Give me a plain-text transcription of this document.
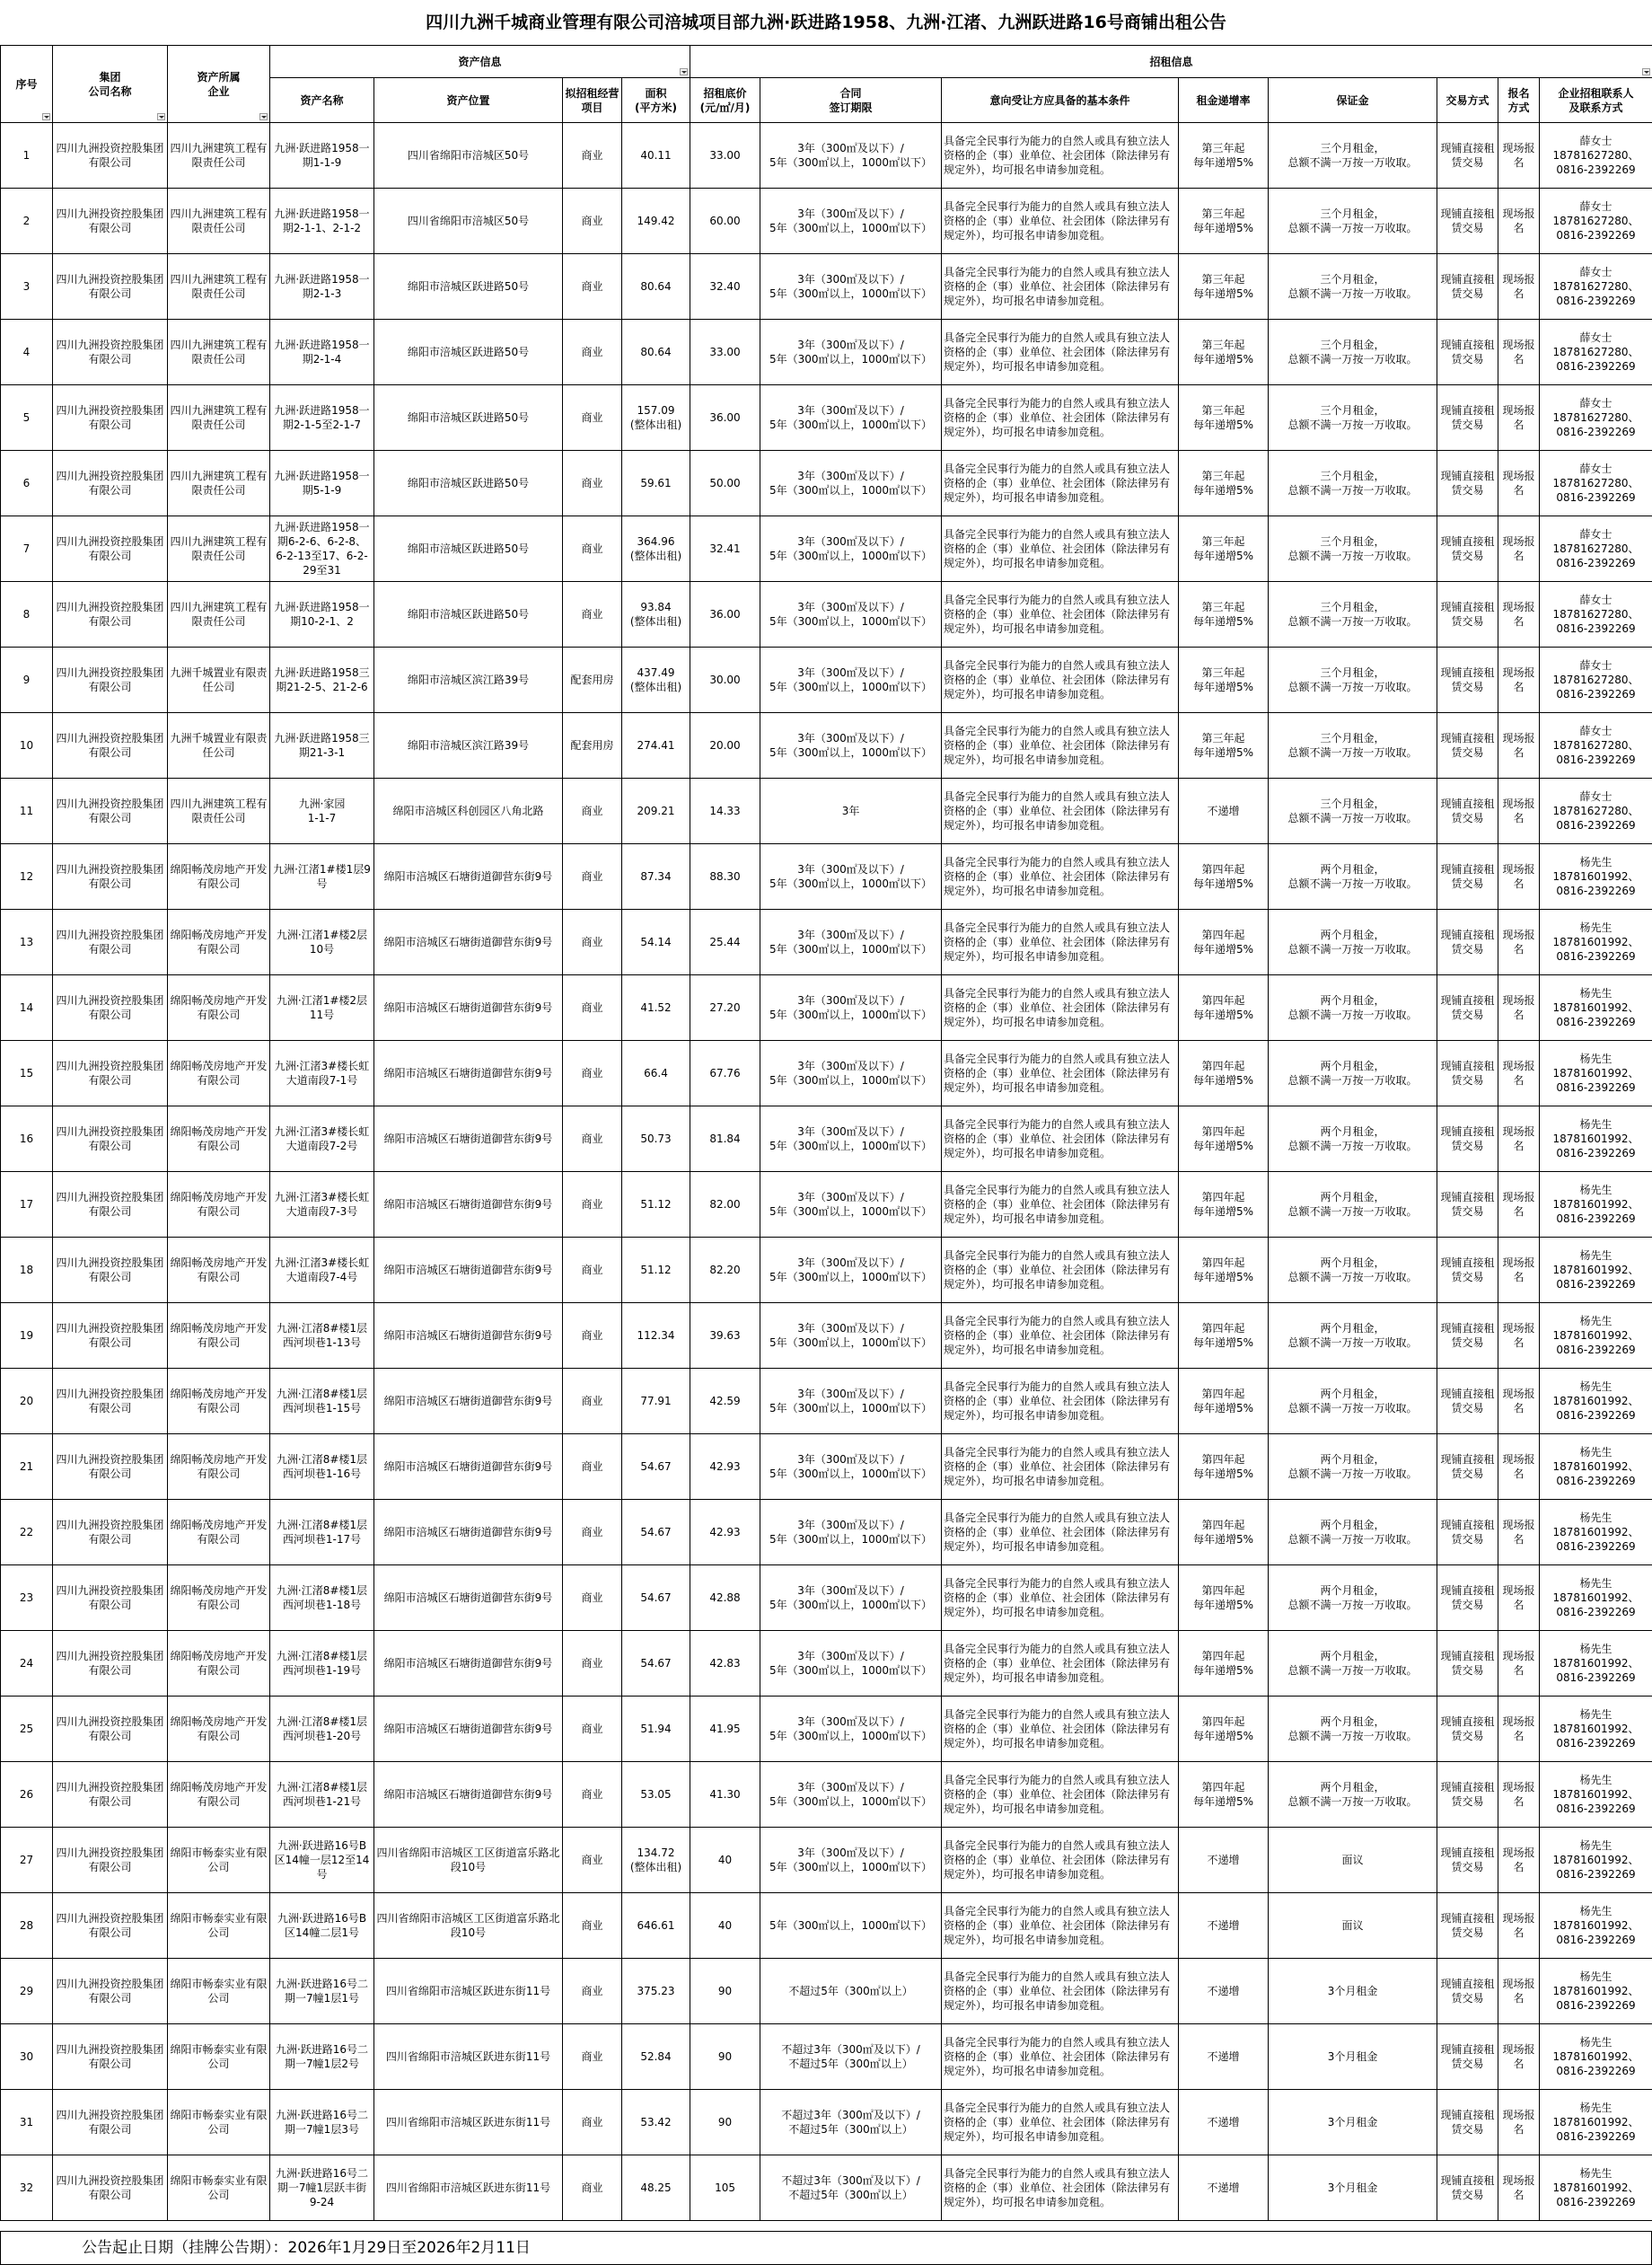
四川九洲千城商业管理有限公司涪城项目部九洲·跃进路1958、九洲·江渚、九洲跃进路16号商铺出租公告
序号	集团
公司名称	资产所属
企业	资产信息				招租信息							

			资产名称	资产位置	拟招租经营项目	面积
(平方米)	招租底价
(元/㎡/月)	合同
签订期限	意向受让方应具备的基本条件	租金递增率	保证金	交易方式	报名
方式	企业招租联系人
及联系方式
1	四川九洲投资控股集团有限公司	四川九洲建筑工程有限责任公司	九洲·跃进路1958一期1-1-9	四川省绵阳市涪城区50号	商业	40.11	33.00	3年（300㎡及以下）/
5年（300㎡以上，1000㎡以下）	具备完全民事行为能力的自然人或具有独立法人资格的企（事）业单位、社会团体（除法律另有规定外），均可报名申请参加竞租。	第三年起
每年递增5%	三个月租金，
总额不满一万按一万收取。	现铺直接租赁交易	现场报名	薛女士
18781627280、
0816-2392269
2	四川九洲投资控股集团有限公司	四川九洲建筑工程有限责任公司	九洲·跃进路1958一期2-1-1、2-1-2	四川省绵阳市涪城区50号	商业	149.42	60.00	3年（300㎡及以下）/
5年（300㎡以上，1000㎡以下）	具备完全民事行为能力的自然人或具有独立法人资格的企（事）业单位、社会团体（除法律另有规定外），均可报名申请参加竞租。	第三年起
每年递增5%	三个月租金，
总额不满一万按一万收取。	现铺直接租赁交易	现场报名	薛女士
18781627280、
0816-2392269
3	四川九洲投资控股集团有限公司	四川九洲建筑工程有限责任公司	九洲·跃进路1958一期2-1-3	绵阳市涪城区跃进路50号	商业	80.64	32.40	3年（300㎡及以下）/
5年（300㎡以上，1000㎡以下）	具备完全民事行为能力的自然人或具有独立法人资格的企（事）业单位、社会团体（除法律另有规定外），均可报名申请参加竞租。	第三年起
每年递增5%	三个月租金，
总额不满一万按一万收取。	现铺直接租赁交易	现场报名	薛女士
18781627280、
0816-2392269
4	四川九洲投资控股集团有限公司	四川九洲建筑工程有限责任公司	九洲·跃进路1958一期2-1-4	绵阳市涪城区跃进路50号	商业	80.64	33.00	3年（300㎡及以下）/
5年（300㎡以上，1000㎡以下）	具备完全民事行为能力的自然人或具有独立法人资格的企（事）业单位、社会团体（除法律另有规定外），均可报名申请参加竞租。	第三年起
每年递增5%	三个月租金，
总额不满一万按一万收取。	现铺直接租赁交易	现场报名	薛女士
18781627280、
0816-2392269
5	四川九洲投资控股集团有限公司	四川九洲建筑工程有限责任公司	九洲·跃进路1958一期2-1-5至2-1-7	绵阳市涪城区跃进路50号	商业	157.09
(整体出租)	36.00	3年（300㎡及以下）/
5年（300㎡以上，1000㎡以下）	具备完全民事行为能力的自然人或具有独立法人资格的企（事）业单位、社会团体（除法律另有规定外），均可报名申请参加竞租。	第三年起
每年递增5%	三个月租金，
总额不满一万按一万收取。	现铺直接租赁交易	现场报名	薛女士
18781627280、
0816-2392269
6	四川九洲投资控股集团有限公司	四川九洲建筑工程有限责任公司	九洲·跃进路1958一期5-1-9	绵阳市涪城区跃进路50号	商业	59.61	50.00	3年（300㎡及以下）/
5年（300㎡以上，1000㎡以下）	具备完全民事行为能力的自然人或具有独立法人资格的企（事）业单位、社会团体（除法律另有规定外），均可报名申请参加竞租。	第三年起
每年递增5%	三个月租金，
总额不满一万按一万收取。	现铺直接租赁交易	现场报名	薛女士
18781627280、
0816-2392269
7	四川九洲投资控股集团有限公司	四川九洲建筑工程有限责任公司	九洲·跃进路1958一期6-2-6、6-2-8、6-2-13至17、6-2-29至31	绵阳市涪城区跃进路50号	商业	364.96
(整体出租)	32.41	3年（300㎡及以下）/
5年（300㎡以上，1000㎡以下）	具备完全民事行为能力的自然人或具有独立法人资格的企（事）业单位、社会团体（除法律另有规定外），均可报名申请参加竞租。	第三年起
每年递增5%	三个月租金，
总额不满一万按一万收取。	现铺直接租赁交易	现场报名	薛女士
18781627280、
0816-2392269
8	四川九洲投资控股集团有限公司	四川九洲建筑工程有限责任公司	九洲·跃进路1958一期10-2-1、2	绵阳市涪城区跃进路50号	商业	93.84
(整体出租)	36.00	3年（300㎡及以下）/
5年（300㎡以上，1000㎡以下）	具备完全民事行为能力的自然人或具有独立法人资格的企（事）业单位、社会团体（除法律另有规定外），均可报名申请参加竞租。	第三年起
每年递增5%	三个月租金，
总额不满一万按一万收取。	现铺直接租赁交易	现场报名	薛女士
18781627280、
0816-2392269
9	四川九洲投资控股集团有限公司	九洲千城置业有限责任公司	九洲·跃进路1958三期21-2-5、21-2-6	绵阳市涪城区滨江路39号	配套用房	437.49
(整体出租)	30.00	3年（300㎡及以下）/
5年（300㎡以上，1000㎡以下）	具备完全民事行为能力的自然人或具有独立法人资格的企（事）业单位、社会团体（除法律另有规定外），均可报名申请参加竞租。	第三年起
每年递增5%	三个月租金，
总额不满一万按一万收取。	现铺直接租赁交易	现场报名	薛女士
18781627280、
0816-2392269
10	四川九洲投资控股集团有限公司	九洲千城置业有限责任公司	九洲·跃进路1958三期21-3-1	绵阳市涪城区滨江路39号	配套用房	274.41	20.00	3年（300㎡及以下）/
5年（300㎡以上，1000㎡以下）	具备完全民事行为能力的自然人或具有独立法人资格的企（事）业单位、社会团体（除法律另有规定外），均可报名申请参加竞租。	第三年起
每年递增5%	三个月租金，
总额不满一万按一万收取。	现铺直接租赁交易	现场报名	薛女士
18781627280、
0816-2392269
11	四川九洲投资控股集团有限公司	四川九洲建筑工程有限责任公司	九洲·家园
1-1-7	绵阳市涪城区科创园区八角北路	商业	209.21	14.33	3年	具备完全民事行为能力的自然人或具有独立法人资格的企（事）业单位、社会团体（除法律另有规定外），均可报名申请参加竞租。	不递增	三个月租金，
总额不满一万按一万收取。	现铺直接租赁交易	现场报名	薛女士
18781627280、
0816-2392269
12	四川九洲投资控股集团有限公司	绵阳畅茂房地产开发有限公司	九洲·江渚1#楼1层9号	绵阳市涪城区石塘街道御营东街9号	商业	87.34	88.30	3年（300㎡及以下）/
5年（300㎡以上，1000㎡以下）	具备完全民事行为能力的自然人或具有独立法人资格的企（事）业单位、社会团体（除法律另有规定外），均可报名申请参加竞租。	第四年起
每年递增5%	两个月租金，
总额不满一万按一万收取。	现铺直接租赁交易	现场报名	杨先生
18781601992、
0816-2392269
13	四川九洲投资控股集团有限公司	绵阳畅茂房地产开发有限公司	九洲·江渚1#楼2层10号	绵阳市涪城区石塘街道御营东街9号	商业	54.14	25.44	3年（300㎡及以下）/
5年（300㎡以上，1000㎡以下）	具备完全民事行为能力的自然人或具有独立法人资格的企（事）业单位、社会团体（除法律另有规定外），均可报名申请参加竞租。	第四年起
每年递增5%	两个月租金，
总额不满一万按一万收取。	现铺直接租赁交易	现场报名	杨先生
18781601992、
0816-2392269
14	四川九洲投资控股集团有限公司	绵阳畅茂房地产开发有限公司	九洲·江渚1#楼2层11号	绵阳市涪城区石塘街道御营东街9号	商业	41.52	27.20	3年（300㎡及以下）/
5年（300㎡以上，1000㎡以下）	具备完全民事行为能力的自然人或具有独立法人资格的企（事）业单位、社会团体（除法律另有规定外），均可报名申请参加竞租。	第四年起
每年递增5%	两个月租金，
总额不满一万按一万收取。	现铺直接租赁交易	现场报名	杨先生
18781601992、
0816-2392269
15	四川九洲投资控股集团有限公司	绵阳畅茂房地产开发有限公司	九洲·江渚3#楼长虹大道南段7-1号	绵阳市涪城区石塘街道御营东街9号	商业	66.4	67.76	3年（300㎡及以下）/
5年（300㎡以上，1000㎡以下）	具备完全民事行为能力的自然人或具有独立法人资格的企（事）业单位、社会团体（除法律另有规定外），均可报名申请参加竞租。	第四年起
每年递增5%	两个月租金，
总额不满一万按一万收取。	现铺直接租赁交易	现场报名	杨先生
18781601992、
0816-2392269
16	四川九洲投资控股集团有限公司	绵阳畅茂房地产开发有限公司	九洲·江渚3#楼长虹大道南段7-2号	绵阳市涪城区石塘街道御营东街9号	商业	50.73	81.84	3年（300㎡及以下）/
5年（300㎡以上，1000㎡以下）	具备完全民事行为能力的自然人或具有独立法人资格的企（事）业单位、社会团体（除法律另有规定外），均可报名申请参加竞租。	第四年起
每年递增5%	两个月租金，
总额不满一万按一万收取。	现铺直接租赁交易	现场报名	杨先生
18781601992、
0816-2392269
17	四川九洲投资控股集团有限公司	绵阳畅茂房地产开发有限公司	九洲·江渚3#楼长虹大道南段7-3号	绵阳市涪城区石塘街道御营东街9号	商业	51.12	82.00	3年（300㎡及以下）/
5年（300㎡以上，1000㎡以下）	具备完全民事行为能力的自然人或具有独立法人资格的企（事）业单位、社会团体（除法律另有规定外），均可报名申请参加竞租。	第四年起
每年递增5%	两个月租金，
总额不满一万按一万收取。	现铺直接租赁交易	现场报名	杨先生
18781601992、
0816-2392269
18	四川九洲投资控股集团有限公司	绵阳畅茂房地产开发有限公司	九洲·江渚3#楼长虹大道南段7-4号	绵阳市涪城区石塘街道御营东街9号	商业	51.12	82.20	3年（300㎡及以下）/
5年（300㎡以上，1000㎡以下）	具备完全民事行为能力的自然人或具有独立法人资格的企（事）业单位、社会团体（除法律另有规定外），均可报名申请参加竞租。	第四年起
每年递增5%	两个月租金，
总额不满一万按一万收取。	现铺直接租赁交易	现场报名	杨先生
18781601992、
0816-2392269
19	四川九洲投资控股集团有限公司	绵阳畅茂房地产开发有限公司	九洲·江渚8#楼1层西河坝巷1-13号	绵阳市涪城区石塘街道御营东街9号	商业	112.34	39.63	3年（300㎡及以下）/
5年（300㎡以上，1000㎡以下）	具备完全民事行为能力的自然人或具有独立法人资格的企（事）业单位、社会团体（除法律另有规定外），均可报名申请参加竞租。	第四年起
每年递增5%	两个月租金，
总额不满一万按一万收取。	现铺直接租赁交易	现场报名	杨先生
18781601992、
0816-2392269
20	四川九洲投资控股集团有限公司	绵阳畅茂房地产开发有限公司	九洲·江渚8#楼1层西河坝巷1-15号	绵阳市涪城区石塘街道御营东街9号	商业	77.91	42.59	3年（300㎡及以下）/
5年（300㎡以上，1000㎡以下）	具备完全民事行为能力的自然人或具有独立法人资格的企（事）业单位、社会团体（除法律另有规定外），均可报名申请参加竞租。	第四年起
每年递增5%	两个月租金，
总额不满一万按一万收取。	现铺直接租赁交易	现场报名	杨先生
18781601992、
0816-2392269
21	四川九洲投资控股集团有限公司	绵阳畅茂房地产开发有限公司	九洲·江渚8#楼1层西河坝巷1-16号	绵阳市涪城区石塘街道御营东街9号	商业	54.67	42.93	3年（300㎡及以下）/
5年（300㎡以上，1000㎡以下）	具备完全民事行为能力的自然人或具有独立法人资格的企（事）业单位、社会团体（除法律另有规定外），均可报名申请参加竞租。	第四年起
每年递增5%	两个月租金，
总额不满一万按一万收取。	现铺直接租赁交易	现场报名	杨先生
18781601992、
0816-2392269
22	四川九洲投资控股集团有限公司	绵阳畅茂房地产开发有限公司	九洲·江渚8#楼1层西河坝巷1-17号	绵阳市涪城区石塘街道御营东街9号	商业	54.67	42.93	3年（300㎡及以下）/
5年（300㎡以上，1000㎡以下）	具备完全民事行为能力的自然人或具有独立法人资格的企（事）业单位、社会团体（除法律另有规定外），均可报名申请参加竞租。	第四年起
每年递增5%	两个月租金，
总额不满一万按一万收取。	现铺直接租赁交易	现场报名	杨先生
18781601992、
0816-2392269
23	四川九洲投资控股集团有限公司	绵阳畅茂房地产开发有限公司	九洲·江渚8#楼1层西河坝巷1-18号	绵阳市涪城区石塘街道御营东街9号	商业	54.67	42.88	3年（300㎡及以下）/
5年（300㎡以上，1000㎡以下）	具备完全民事行为能力的自然人或具有独立法人资格的企（事）业单位、社会团体（除法律另有规定外），均可报名申请参加竞租。	第四年起
每年递增5%	两个月租金，
总额不满一万按一万收取。	现铺直接租赁交易	现场报名	杨先生
18781601992、
0816-2392269
24	四川九洲投资控股集团有限公司	绵阳畅茂房地产开发有限公司	九洲·江渚8#楼1层西河坝巷1-19号	绵阳市涪城区石塘街道御营东街9号	商业	54.67	42.83	3年（300㎡及以下）/
5年（300㎡以上，1000㎡以下）	具备完全民事行为能力的自然人或具有独立法人资格的企（事）业单位、社会团体（除法律另有规定外），均可报名申请参加竞租。	第四年起
每年递增5%	两个月租金，
总额不满一万按一万收取。	现铺直接租赁交易	现场报名	杨先生
18781601992、
0816-2392269
25	四川九洲投资控股集团有限公司	绵阳畅茂房地产开发有限公司	九洲·江渚8#楼1层西河坝巷1-20号	绵阳市涪城区石塘街道御营东街9号	商业	51.94	41.95	3年（300㎡及以下）/
5年（300㎡以上，1000㎡以下）	具备完全民事行为能力的自然人或具有独立法人资格的企（事）业单位、社会团体（除法律另有规定外），均可报名申请参加竞租。	第四年起
每年递增5%	两个月租金，
总额不满一万按一万收取。	现铺直接租赁交易	现场报名	杨先生
18781601992、
0816-2392269
26	四川九洲投资控股集团有限公司	绵阳畅茂房地产开发有限公司	九洲·江渚8#楼1层西河坝巷1-21号	绵阳市涪城区石塘街道御营东街9号	商业	53.05	41.30	3年（300㎡及以下）/
5年（300㎡以上，1000㎡以下）	具备完全民事行为能力的自然人或具有独立法人资格的企（事）业单位、社会团体（除法律另有规定外），均可报名申请参加竞租。	第四年起
每年递增5%	两个月租金，
总额不满一万按一万收取。	现铺直接租赁交易	现场报名	杨先生
18781601992、
0816-2392269
27	四川九洲投资控股集团有限公司	绵阳市畅泰实业有限公司	九洲·跃进路16号B区14幢一层12至14号	四川省绵阳市涪城区工区街道富乐路北段10号	商业	134.72
(整体出租)	40	3年（300㎡及以下）/
5年（300㎡以上，1000㎡以下）	具备完全民事行为能力的自然人或具有独立法人资格的企（事）业单位、社会团体（除法律另有规定外），均可报名申请参加竞租。	不递增	面议	现铺直接租赁交易	现场报名	杨先生
18781601992、
0816-2392269
28	四川九洲投资控股集团有限公司	绵阳市畅泰实业有限公司	九洲·跃进路16号B区14幢二层1号	四川省绵阳市涪城区工区街道富乐路北段10号	商业	646.61	40	5年（300㎡以上，1000㎡以下）	具备完全民事行为能力的自然人或具有独立法人资格的企（事）业单位、社会团体（除法律另有规定外），均可报名申请参加竞租。	不递增	面议	现铺直接租赁交易	现场报名	杨先生
18781601992、
0816-2392269
29	四川九洲投资控股集团有限公司	绵阳市畅泰实业有限公司	九洲·跃进路16号二期一7幢1层1号	四川省绵阳市涪城区跃进东街11号	商业	375.23	90	不超过5年（300㎡以上）	具备完全民事行为能力的自然人或具有独立法人资格的企（事）业单位、社会团体（除法律另有规定外），均可报名申请参加竞租。	不递增	3个月租金	现铺直接租赁交易	现场报名	杨先生
18781601992、
0816-2392269
30	四川九洲投资控股集团有限公司	绵阳市畅泰实业有限公司	九洲·跃进路16号二期一7幢1层2号	四川省绵阳市涪城区跃进东街11号	商业	52.84	90	不超过3年（300㎡及以下）/
不超过5年（300㎡以上）	具备完全民事行为能力的自然人或具有独立法人资格的企（事）业单位、社会团体（除法律另有规定外），均可报名申请参加竞租。	不递增	3个月租金	现铺直接租赁交易	现场报名	杨先生
18781601992、
0816-2392269
31	四川九洲投资控股集团有限公司	绵阳市畅泰实业有限公司	九洲·跃进路16号二期一7幢1层3号	四川省绵阳市涪城区跃进东街11号	商业	53.42	90	不超过3年（300㎡及以下）/
不超过5年（300㎡以上）	具备完全民事行为能力的自然人或具有独立法人资格的企（事）业单位、社会团体（除法律另有规定外），均可报名申请参加竞租。	不递增	3个月租金	现铺直接租赁交易	现场报名	杨先生
18781601992、
0816-2392269
32	四川九洲投资控股集团有限公司	绵阳市畅泰实业有限公司	九洲·跃进路16号二期一7幢1层跃丰街9-24	四川省绵阳市涪城区跃进东街11号	商业	48.25	105	不超过3年（300㎡及以下）/
不超过5年（300㎡以上）	具备完全民事行为能力的自然人或具有独立法人资格的企（事）业单位、社会团体（除法律另有规定外），均可报名申请参加竞租。	不递增	3个月租金	现铺直接租赁交易	现场报名	杨先生
18781601992、
0816-2392269
公告起止日期（挂牌公告期）：2026年1月29日至2026年2月11日
